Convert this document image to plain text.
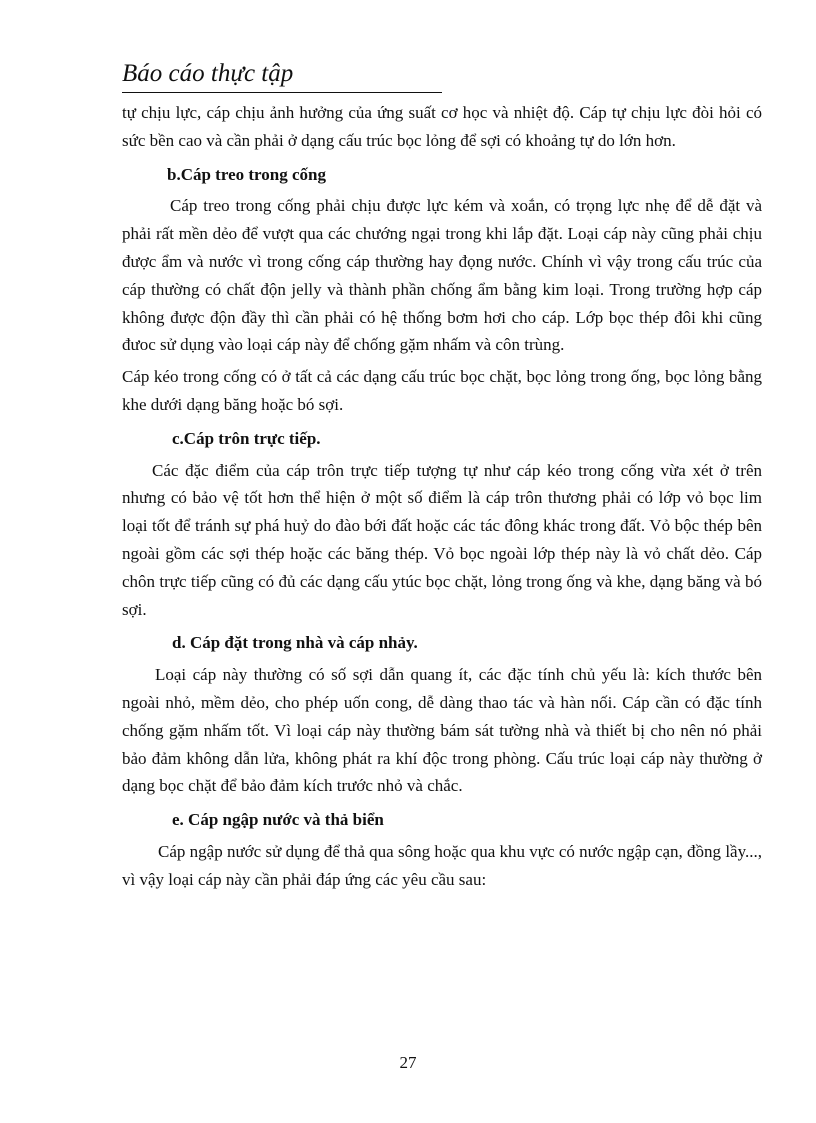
Báo cáo thực tập

tự chịu lực, cáp chịu ảnh hưởng của ứng suất cơ học và nhiệt độ. Cáp tự chịu lực đòi hỏi có sức bền cao và cần phải ở dạng cấu trúc bọc lỏng để sợi có khoảng tự do lớn hơn.

b.Cáp treo trong cống

Cáp treo trong cống phải chịu được lực kém và xoắn, có trọng lực nhẹ để dễ đặt và phải rất mền dẻo để vượt qua các chướng ngại trong khi lắp đặt. Loại cáp này cũng phải chịu được ẩm và nước vì trong cống cáp thường hay đọng nước. Chính vì vậy trong cấu trúc của cáp thường có chất độn jelly và thành phần chống ẩm bằng kim loại. Trong trường hợp cáp không được độn đầy thì cần phải có hệ thống bơm hơi cho cáp. Lớp bọc thép đôi khi cũng đưoc sử dụng vào loại cáp này để chống gặm nhấm và côn trùng.

Cáp kéo trong cống có ở tất cả các dạng cấu trúc bọc chặt, bọc lỏng trong ống, bọc lỏng bằng khe dưới dạng băng hoặc bó sợi.

c.Cáp trôn trực tiếp.

Các đặc điểm của cáp trôn trực tiếp tượng tự như cáp kéo trong cống vừa xét ở trên nhưng có bảo vệ tốt hơn thể hiện ở một số điểm là cáp trôn thương phải có lớp vỏ bọc lim loại tốt để tránh sự phá huỷ do đào bới đất hoặc các tác đông khác trong đất. Vỏ bộc thép bên ngoài gồm các sợi thép hoặc các băng thép. Vỏ bọc ngoài lớp thép này là vỏ chất dẻo. Cáp chôn trực tiếp cũng có đủ các dạng cấu ytúc bọc chặt, lỏng trong ống và khe, dạng băng và bó sợi.

d. Cáp đặt trong nhà và cáp nhảy.

Loại cáp này thường có số sợi dẫn quang ít, các đặc tính chủ yếu là: kích thước bên ngoài nhỏ, mềm dẻo, cho phép uốn cong, dễ dàng thao tác và hàn nối. Cáp cần có đặc tính chống gặm nhấm tốt. Vì loại cáp này thường bám sát tường nhà và thiết bị cho nên nó phải bảo đảm không dẫn lửa, không phát ra khí độc trong phòng. Cấu trúc loại cáp này thường ở dạng bọc chặt để bảo đảm kích trước nhỏ và chắc.

e. Cáp ngập nước và thả biển

Cáp ngập nước sử dụng để thả qua sông hoặc qua khu vực có nước ngập cạn, đồng lầy..., vì vậy loại cáp này cần phải đáp ứng các yêu cầu sau:

27
